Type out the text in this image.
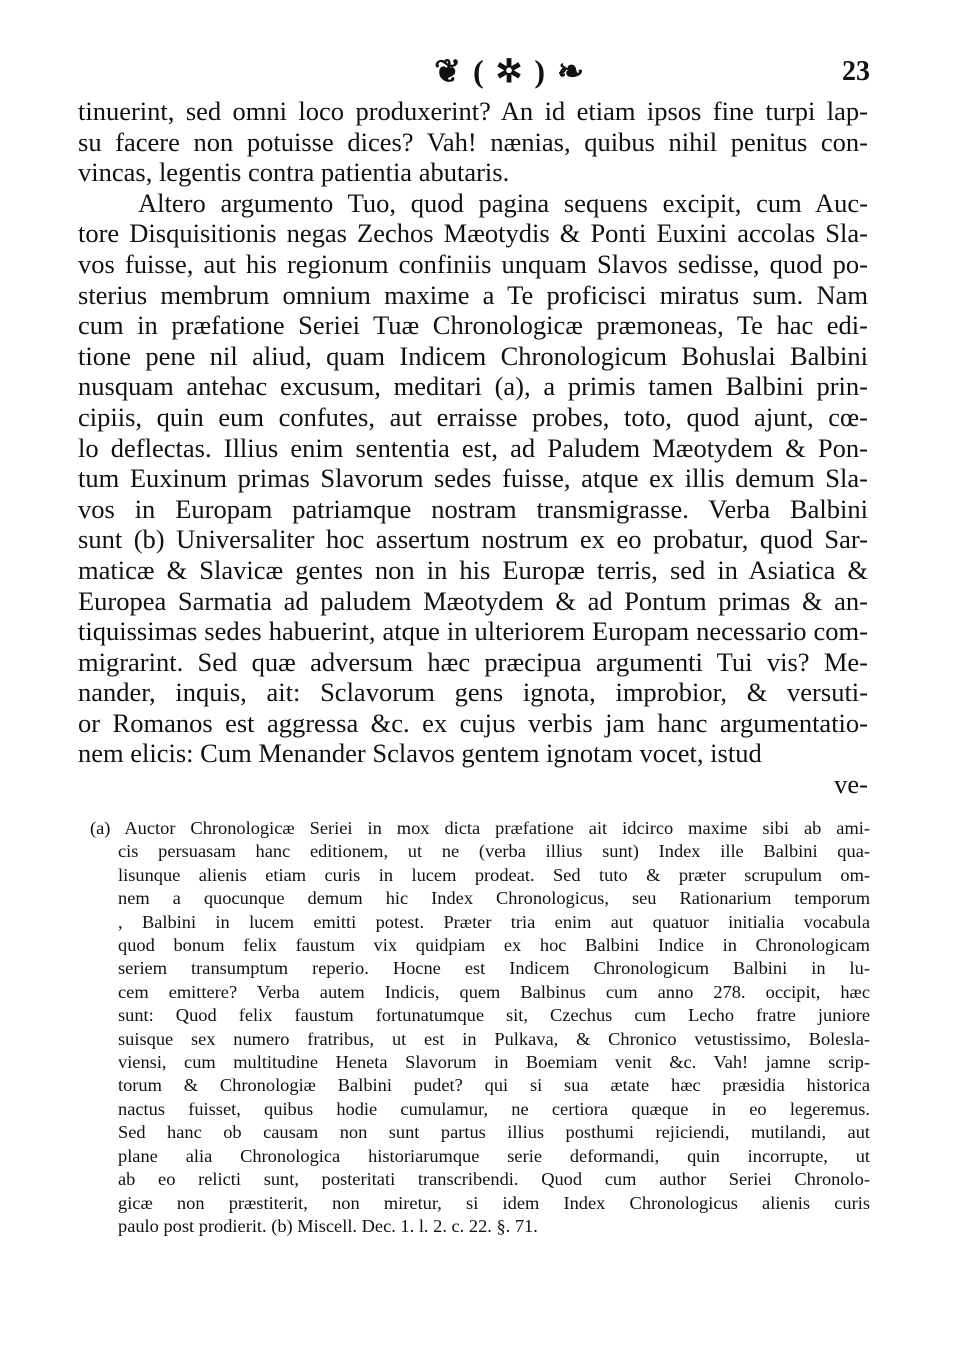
❦ ( ✲ ) ❧	23
tinuerint, sed omni loco produxerint? An id etiam ipsos fine turpi lap-
su facere non potuisse dices? Vah! nænias, quibus nihil penitus con-
vincas, legentis contra patientia abutaris.
Altero argumento Tuo, quod pagina sequens excipit, cum Auc-
tore Disquisitionis negas Zechos Mæotydis & Ponti Euxini accolas Sla-
vos fuisse, aut his regionum confiniis unquam Slavos sedisse, quod po-
sterius membrum omnium maxime a Te proficisci miratus sum. Nam
cum in præfatione Seriei Tuæ Chronologicæ præmoneas, Te hac edi-
tione pene nil aliud, quam Indicem Chronologicum Bohuslai Balbini
nusquam antehac excusum, meditari (a), a primis tamen Balbini prin-
cipiis, quin eum confutes, aut erraisse probes, toto, quod ajunt, cœ-
lo deflectas. Illius enim sententia est, ad Paludem Mæotydem & Pon-
tum Euxinum primas Slavorum sedes fuisse, atque ex illis demum Sla-
vos in Europam patriamque nostram transmigrasse. Verba Balbini
sunt (b) Universaliter hoc assertum nostrum ex eo probatur, quod Sar-
maticæ & Slavicæ gentes non in his Europæ terris, sed in Asiatica &
Europea Sarmatia ad paludem Mæotydem & ad Pontum primas & an-
tiquissimas sedes habuerint, atque in ulteriorem Europam necessario com-
migrarint. Sed quæ adversum hæc præcipua argumenti Tui vis? Me-
nander, inquis, ait: Sclavorum gens ignota, improbior, & versuti-
or Romanos est aggressa &c. ex cujus verbis jam hanc argumentatio-
nem elicis: Cum Menander Sclavos gentem ignotam vocet, istud
ve-
(a) Auctor Chronologicæ Seriei in mox dicta præfatione ait idcirco maxime sibi ab ami-
cis persuasam hanc editionem, ut ne (verba illius sunt) Index ille Balbini qua-
lisunque alienis etiam curis in lucem prodeat. Sed tuto & præter scrupulum om-
nem a quocunque demum hic Index Chronologicus, seu Rationarium temporum
, Balbini in lucem emitti potest. Præter tria enim aut quatuor initialia vocabula
quod bonum felix faustum vix quidpiam ex hoc Balbini Indice in Chronologicam
seriem transumptum reperio. Hocne est Indicem Chronologicum Balbini in lu-
cem emittere? Verba autem Indicis, quem Balbinus cum anno 278. occipit, hæc
sunt: Quod felix faustum fortunatumque sit, Czechus cum Lecho fratre juniore
suisque sex numero fratribus, ut est in Pulkava, & Chronico vetustissimo, Bolesla-
viensi, cum multitudine Heneta Slavorum in Boemiam venit &c. Vah! jamne scrip-
torum & Chronologiæ Balbini pudet? qui si sua ætate hæc præsidia historica
nactus fuisset, quibus hodie cumulamur, ne certiora quæque in eo legeremus.
Sed hanc ob causam non sunt partus illius posthumi rejiciendi, mutilandi, aut
plane alia Chronologica historiarumque serie deformandi, quin incorrupte, ut
ab eo relicti sunt, posteritati transcribendi. Quod cum author Seriei Chronolo-
gicæ non præstiterit, non miretur, si idem Index Chronologicus alienis curis
paulo post prodierit. (b) Miscell. Dec. 1. l. 2. c. 22. §. 71.
